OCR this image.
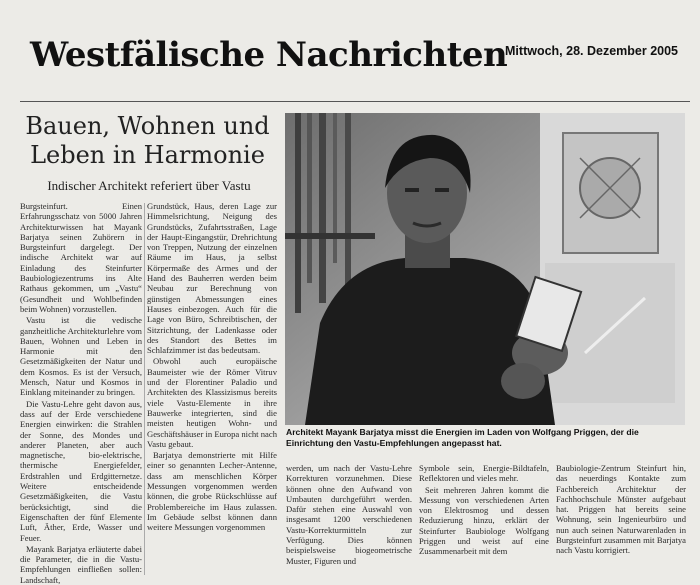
Westfälische Nachrichten
Mittwoch, 28. Dezember 2005
Bauen, Wohnen und Leben in Harmonie
Indischer Architekt referiert über Vastu

Burgsteinfurt. Einen Erfahrungsschatz von 5000 Jahren Architekturwissen hat Mayank Barjatya seinen Zuhörern in Burgsteinfurt dargelegt. Der indische Architekt war auf Einladung des Steinfurter Baubiologiezentrums ins Alte Rathaus gekommen, um „Vastu“ (Gesundheit und Wohlbefinden beim Wohnen) vorzustellen.

Vastu ist die vedische ganzheitliche Architekturlehre vom Bauen, Wohnen und Leben in Harmonie mit den Gesetzmäßigkeiten der Natur und dem Kosmos. Es ist der Versuch, Mensch, Natur und Kosmos in Einklang miteinander zu bringen.

Die Vastu-Lehre geht davon aus, dass auf der Erde verschiedene Energien einwirken: die Strahlen der Sonne, des Mondes und anderer Planeten, aber auch magnetische, bio-elektrische, thermische Energiefelder, Erdstrahlen und Erdgitternetze. Weitere entscheidende Gesetzmäßigkeiten, die Vastu berücksichtigt, sind die Eigenschaften der fünf Elemente Luft, Äther, Erde, Wasser und Feuer.

Mayank Barjatya erläuterte dabei die Parameter, die in die Vastu-Empfehlungen einfließen sollen: Landschaft,

Grundstück, Haus, deren Lage zur Himmelsrichtung, Neigung des Grundstücks, Zufahrtsstraßen, Lage der Haupt-Eingangstür, Drehrichtung von Treppen, Nutzung der einzelnen Räume im Haus, ja selbst Körpermaße des Armes und der Hand des Bauherren werden beim Neubau zur Berechnung von günstigen Abmessungen eines Hauses einbezogen. Auch für die Lage von Büro, Schreibtischen, der Sitzrichtung, der Ladenkasse oder des Standort des Bettes im Schlafzimmer ist das bedeutsam.

Obwohl auch europäische Baumeister wie der Römer Vitruv und der Florentiner Paladio und Architekten des Klassizismus bereits viele Vastu-Elemente in ihre Bauwerke integrierten, sind die meisten heutigen Wohn- und Geschäftshäuser in Europa nicht nach Vastu gebaut.

Barjatya demonstrierte mit Hilfe einer so genannten Lecher-Antenne, dass am menschlichen Körper Messungen vorgenommen werden können, die grobe Rückschlüsse auf Problembereiche im Haus zulassen. Im Gebäude selbst können dann weitere Messungen vorgenommen

Architekt Mayank Barjatya misst die Energien im Laden von Wolfgang Priggen, der die Einrichtung den Vastu-Empfehlungen angepasst hat.

werden, um nach der Vastu-Lehre Korrekturen vorzunehmen. Diese können ohne den Aufwand von Umbauten durchgeführt werden. Dafür stehen eine Auswahl von insgesamt 1200 verschiedenen Vastu-Korrekturmitteln zur Verfügung. Dies können beispielsweise biogeometrische Muster, Figuren und

Symbole sein, Energie-Bildtafeln, Reflektoren und vieles mehr.

Seit mehreren Jahren kommt die Messung von verschiedenen Arten von Elektrosmog und dessen Reduzierung hinzu, erklärt der Steinfurter Baubiologe Wolfgang Priggen und weist auf eine Zusammenarbeit mit dem

Baubiologie-Zentrum Steinfurt hin, das neuerdings Kontakte zum Fachbereich Architektur der Fachhochschule Münster aufgebaut hat. Priggen hat bereits seine Wohnung, sein Ingenieurbüro und nun auch seinen Naturwarenladen in Burgsteinfurt zusammen mit Barjatya nach Vastu korrigiert.
